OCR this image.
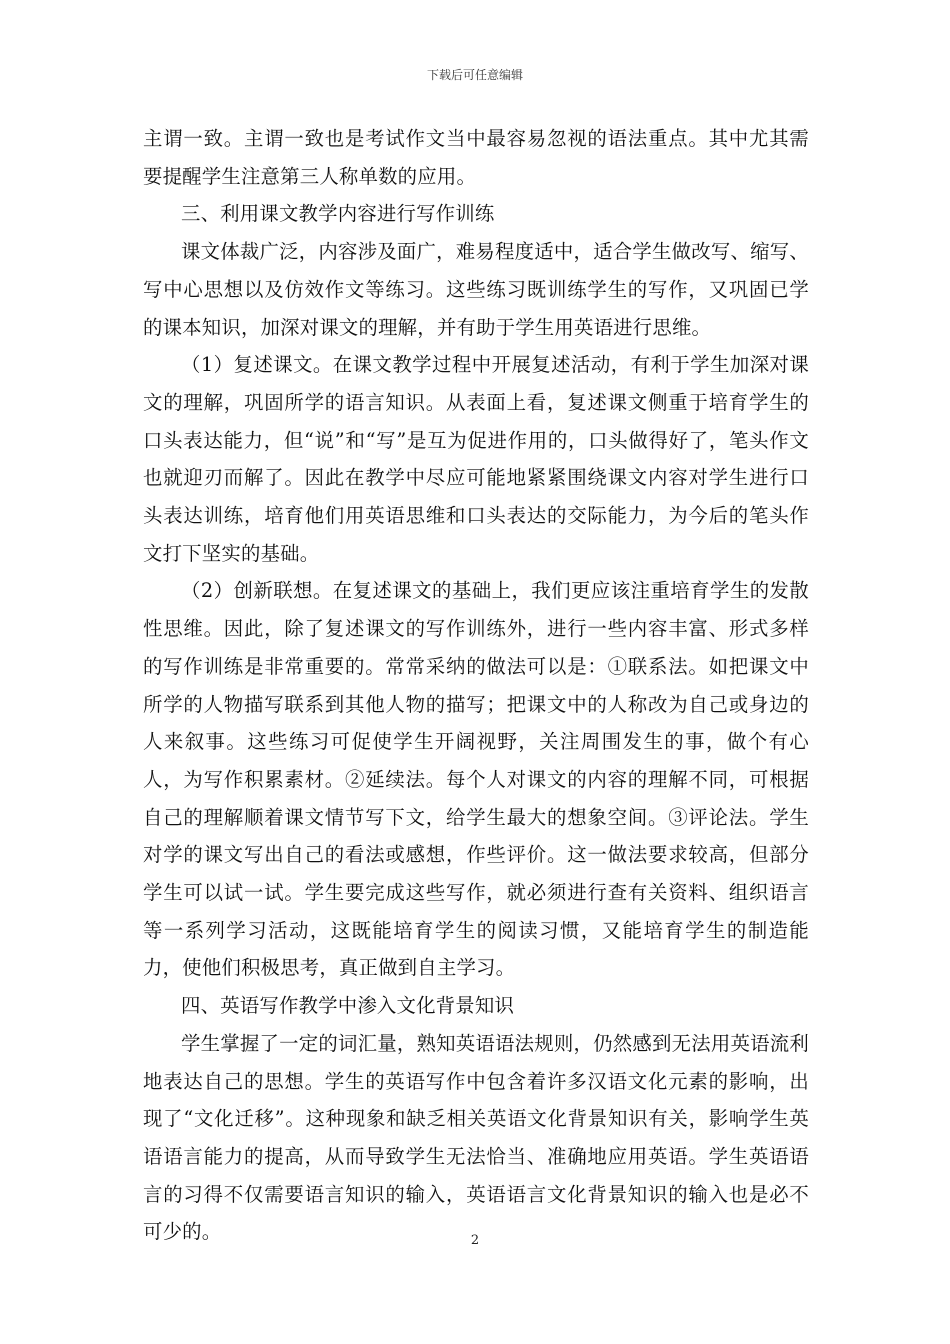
下载后可任意编辑

主谓一致。主谓一致也是考试作文当中最容易忽视的语法重点。其中尤其需要提醒学生注意第三人称单数的应用。

三、利用课文教学内容进行写作训练

课文体裁广泛，内容涉及面广，难易程度适中，适合学生做改写、缩写、写中心思想以及仿效作文等练习。这些练习既训练学生的写作，又巩固已学的课本知识，加深对课文的理解，并有助于学生用英语进行思维。

（1）复述课文。在课文教学过程中开展复述活动，有利于学生加深对课文的理解，巩固所学的语言知识。从表面上看，复述课文侧重于培育学生的口头表达能力，但“说”和“写”是互为促进作用的，口头做得好了，笔头作文也就迎刃而解了。因此在教学中尽应可能地紧紧围绕课文内容对学生进行口头表达训练，培育他们用英语思维和口头表达的交际能力，为今后的笔头作文打下坚实的基础。

（2）创新联想。在复述课文的基础上，我们更应该注重培育学生的发散性思维。因此，除了复述课文的写作训练外，进行一些内容丰富、形式多样的写作训练是非常重要的。常常采纳的做法可以是：①联系法。如把课文中所学的人物描写联系到其他人物的描写；把课文中的人称改为自己或身边的人来叙事。这些练习可促使学生开阔视野，关注周围发生的事，做个有心人，为写作积累素材。②延续法。每个人对课文的内容的理解不同，可根据自己的理解顺着课文情节写下文，给学生最大的想象空间。③评论法。学生对学的课文写出自己的看法或感想，作些评价。这一做法要求较高，但部分学生可以试一试。学生要完成这些写作，就必须进行查有关资料、组织语言等一系列学习活动，这既能培育学生的阅读习惯，又能培育学生的制造能力，使他们积极思考，真正做到自主学习。

四、英语写作教学中渗入文化背景知识

学生掌握了一定的词汇量，熟知英语语法规则，仍然感到无法用英语流利地表达自己的思想。学生的英语写作中包含着许多汉语文化元素的影响，出现了“文化迁移”。这种现象和缺乏相关英语文化背景知识有关，影响学生英语语言能力的提高，从而导致学生无法恰当、准确地应用英语。学生英语语言的习得不仅需要语言知识的输入，英语语言文化背景知识的输入也是必不可少的。	2
